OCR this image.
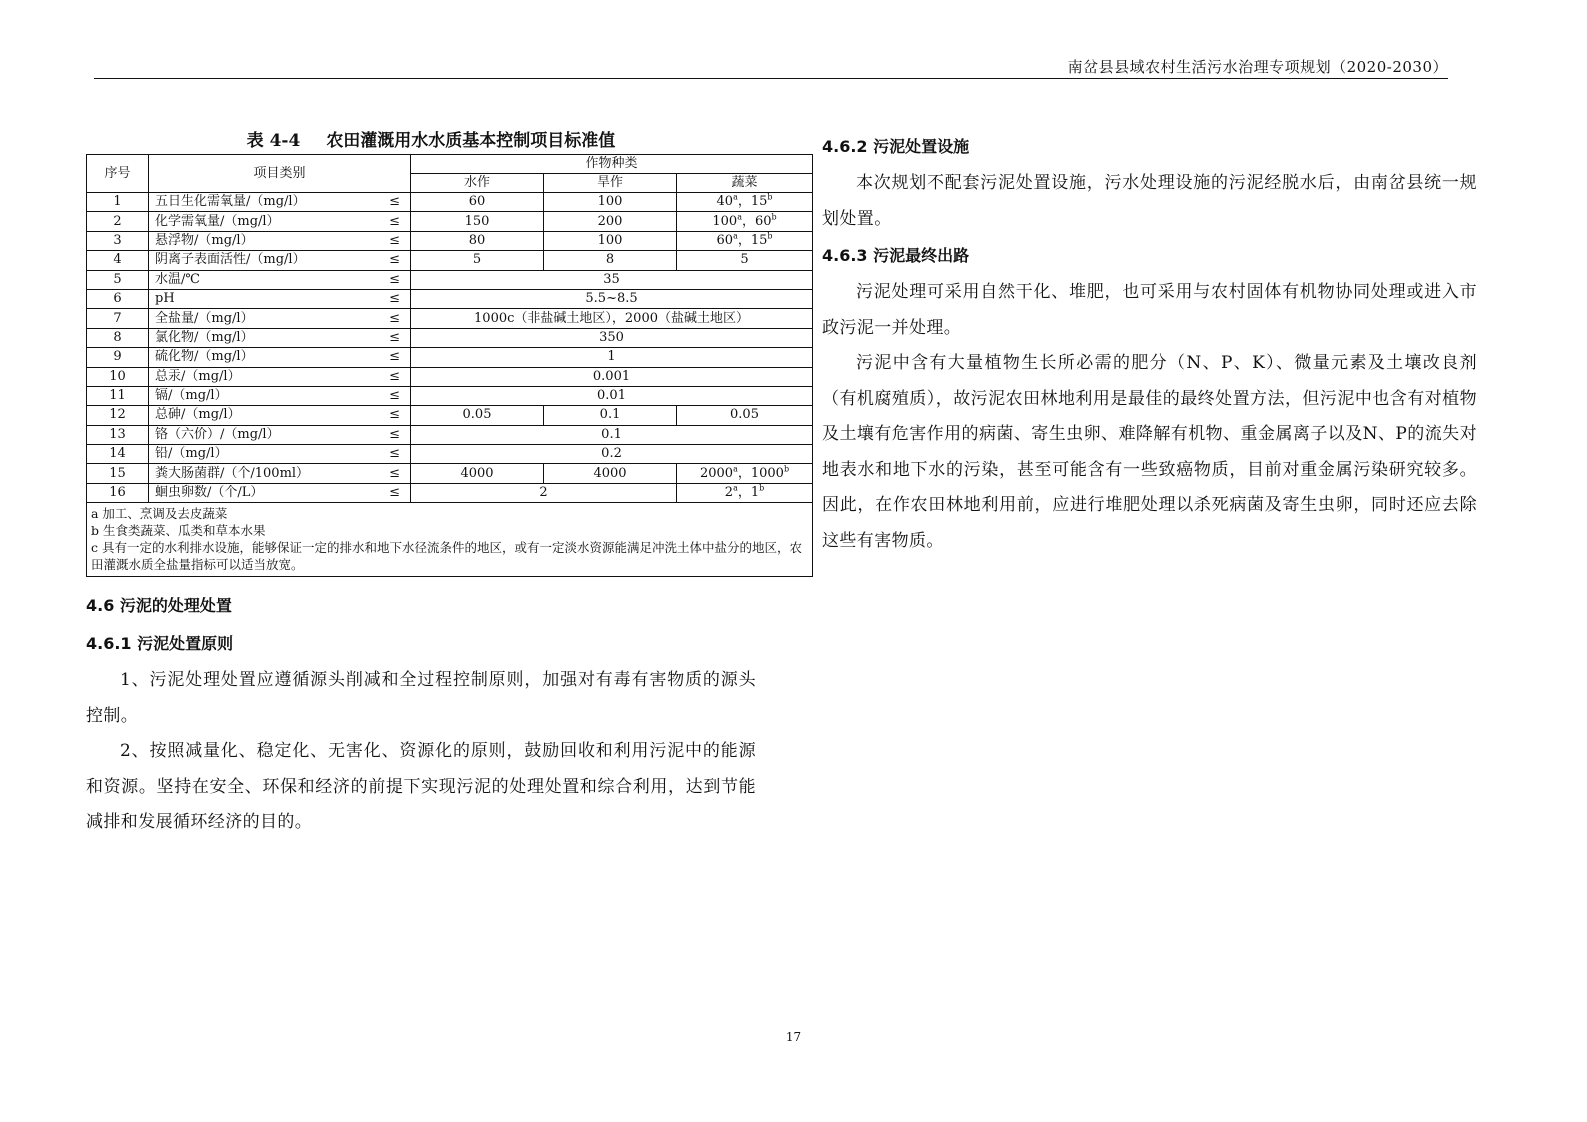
南岔县县域农村生活污水治理专项规划（2020-2030）
表 4-4 农田灌溉用水水质基本控制项目标准值
序号	项目类别		作物种类		
			水作	旱作	蔬菜
1	五日生化需氧量/（mg/l）	≤	60	100	40$^a$，15$^b$
2	化学需氧量/（mg/l）	≤	150	200	100$^a$，60$^b$
3	悬浮物/（mg/l）	≤	80	100	60$^a$，15$^b$
4	阴离子表面活性/（mg/l）	≤	5	8	5
5	水温/℃	≤	35		
6	pH	≤	5.5~8.5		
7	全盐量/（mg/l）	≤	1000c（非盐碱土地区），2000（盐碱土地区）		
8	氯化物/（mg/l）	≤	350		
9	硫化物/（mg/l）	≤	1		
10	总汞/（mg/l）	≤	0.001		
11	镉/（mg/l）	≤	0.01		
12	总砷/（mg/l）	≤	0.05	0.1	0.05
13	铬（六价）/（mg/l）	≤	0.1		
14	铅/（mg/l）	≤	0.2		
15	粪大肠菌群/（个/100ml）	≤	4000	4000	2000$^a$，1000$^b$
16	蛔虫卵数/（个/L）	≤	2		2$^a$，1$^b$

a 加工、烹调及去皮蔬菜
b 生食类蔬菜、瓜类和草本水果
c 具有一定的水利排水设施，能够保证一定的排水和地下水径流条件的地区，或有一定淡水资源能满足冲洗土体中盐分的地区，农田灌溉水质全盐量指标可以适当放宽。					
4.6 污泥的处理处置
4.6.1 污泥处置原则

1、污泥处理处置应遵循源头削减和全过程控制原则，加强对有毒有害物质的源头控制。

2、按照减量化、稳定化、无害化、资源化的原则，鼓励回收和利用污泥中的能源和资源。坚持在安全、环保和经济的前提下实现污泥的处理处置和综合利用，达到节能减排和发展循环经济的目的。

4.6.2 污泥处置设施

本次规划不配套污泥处置设施，污水处理设施的污泥经脱水后，由南岔县统一规划处置。

4.6.3 污泥最终出路

污泥处理可采用自然干化、堆肥，也可采用与农村固体有机物协同处理或进入市政污泥一并处理。

污泥中含有大量植物生长所必需的肥分（N、P、K）、微量元素及土壤改良剂（有机腐殖质），故污泥农田林地利用是最佳的最终处置方法，但污泥中也含有对植物及土壤有危害作用的病菌、寄生虫卵、难降解有机物、重金属离子以及N、P的流失对地表水和地下水的污染，甚至可能含有一些致癌物质，目前对重金属污染研究较多。因此，在作农田林地利用前，应进行堆肥处理以杀死病菌及寄生虫卵，同时还应去除这些有害物质。

17
